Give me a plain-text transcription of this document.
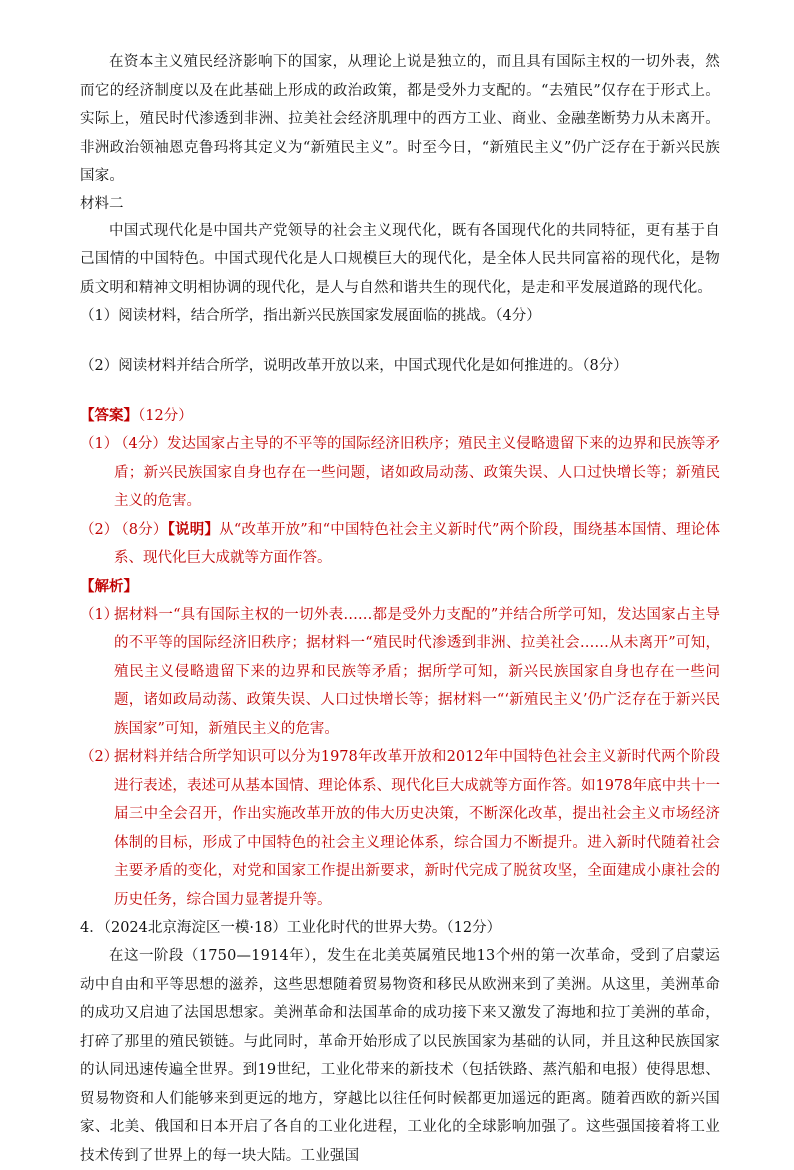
在资本主义殖民经济影响下的国家，从理论上说是独立的，而且具有国际主权的一切外表，然而它的经济制度以及在此基础上形成的政治政策，都是受外力支配的。“去殖民”仅存在于形式上。实际上，殖民时代渗透到非洲、拉美社会经济肌理中的西方工业、商业、金融垄断势力从未离开。非洲政治领袖恩克鲁玛将其定义为“新殖民主义”。时至今日，“新殖民主义”仍广泛存在于新兴民族国家。

材料二

中国式现代化是中国共产党领导的社会主义现代化，既有各国现代化的共同特征，更有基于自己国情的中国特色。中国式现代化是人口规模巨大的现代化，是全体人民共同富裕的现代化，是物质文明和精神文明相协调的现代化，是人与自然和谐共生的现代化，是走和平发展道路的现代化。

（1）阅读材料，结合所学，指出新兴民族国家发展面临的挑战。（4分）

（2）阅读材料并结合所学，说明改革开放以来，中国式现代化是如何推进的。（8分）

【答案】（12分）

（1）
（4分）发达国家占主导的不平等的国际经济旧秩序；殖民主义侵略遗留下来的边界和民族等矛盾；新兴民族国家自身也存在一些问题，诸如政局动荡、政策失误、人口过快增长等；新殖民主义的危害。
（2）
（8分）【说明】从“改革开放”和“中国特色社会主义新时代”两个阶段，围绕基本国情、理论体系、现代化巨大成就等方面作答。

【解析】

（1）
据材料一“具有国际主权的一切外表……都是受外力支配的”并结合所学可知，发达国家占主导的不平等的国际经济旧秩序；据材料一“殖民时代渗透到非洲、拉美社会……从未离开”可知，殖民主义侵略遗留下来的边界和民族等矛盾；据所学可知，新兴民族国家自身也存在一些问题，诸如政局动荡、政策失误、人口过快增长等；据材料一“‘新殖民主义’仍广泛存在于新兴民族国家”可知，新殖民主义的危害。
（2）
据材料并结合所学知识可以分为1978年改革开放和2012年中国特色社会主义新时代两个阶段进行表述，表述可从基本国情、理论体系、现代化巨大成就等方面作答。如1978年底中共十一届三中全会召开，作出实施改革开放的伟大历史决策，不断深化改革，提出社会主义市场经济体制的目标，形成了中国特色的社会主义理论体系，综合国力不断提升。进入新时代随着社会主要矛盾的变化，对党和国家工作提出新要求，新时代完成了脱贫攻坚，全面建成小康社会的历史任务，综合国力显著提升等。

4．（2024北京海淀区一模·18）工业化时代的世界大势。（12分）

在这一阶段（1750—1914年），发生在北美英属殖民地13个州的第一次革命，受到了启蒙运动中自由和平等思想的滋养，这些思想随着贸易物资和移民从欧洲来到了美洲。从这里，美洲革命的成功又启迪了法国思想家。美洲革命和法国革命的成功接下来又激发了海地和拉丁美洲的革命，打碎了那里的殖民锁链。与此同时，革命开始形成了以民族国家为基础的认同，并且这种民族国家的认同迅速传遍全世界。到19世纪，工业化带来的新技术（包括铁路、蒸汽船和电报）使得思想、贸易物资和人们能够来到更远的地方，穿越比以往任何时候都更加遥远的距离。随着西欧的新兴国家、北美、俄国和日本开启了各自的工业化进程，工业化的全球影响加强了。这些强国接着将工业技术传到了世界上的每一块大陆。工业强国
